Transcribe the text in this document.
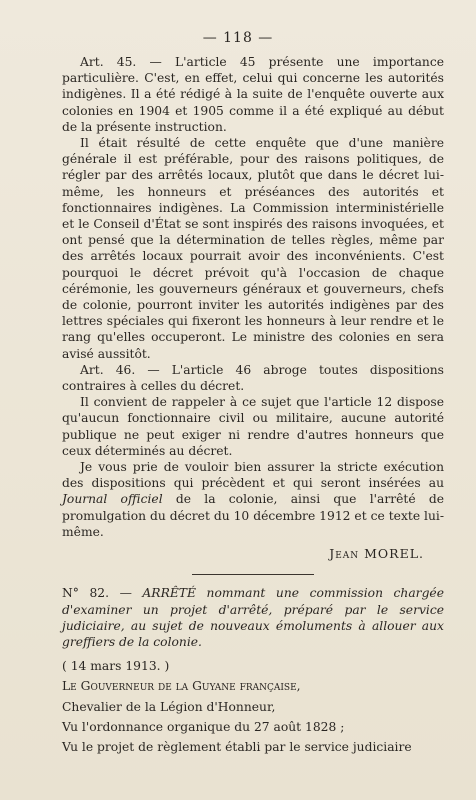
— 118 —

Art. 45. — L'article 45 présente une importance particulière. C'est, en effet, celui qui concerne les autorités indigènes. Il a été rédigé à la suite de l'enquête ouverte aux colonies en 1904 et 1905 comme il a été expliqué au début de la présente instruction.

Il était résulté de cette enquête que d'une manière générale il est préférable, pour des raisons politiques, de régler par des arrêtés locaux, plutôt que dans le décret lui-même, les honneurs et préséances des autorités et fonctionnaires indigènes. La Commission interministérielle et le Conseil d'État se sont inspirés des raisons invoquées, et ont pensé que la détermination de telles règles, même par des arrêtés locaux pourrait avoir des inconvénients. C'est pourquoi le décret prévoit qu'à l'occasion de chaque cérémonie, les gouverneurs généraux et gouverneurs, chefs de colonie, pourront inviter les autorités indigènes par des lettres spéciales qui fixeront les honneurs à leur rendre et le rang qu'elles occuperont. Le ministre des colonies en sera avisé aussitôt.

Art. 46. — L'article 46 abroge toutes dispositions contraires à celles du décret.

Il convient de rappeler à ce sujet que l'article 12 dispose qu'aucun fonctionnaire civil ou militaire, aucune autorité publique ne peut exiger ni rendre d'autres honneurs que ceux déterminés au décret.

Je vous prie de vouloir bien assurer la stricte exécution des dispositions qui précèdent et qui seront insérées au Journal officiel de la colonie, ainsi que l'arrêté de promulgation du décret du 10 décembre 1912 et ce texte lui-même.

Jean MOREL.

N° 82. — ARRÊTÉ nommant une commission chargée d'examiner un projet d'arrêté, préparé par le service judiciaire, au sujet de nouveaux émoluments à allouer aux greffiers de la colonie.

( 14 mars 1913. )

Le Gouverneur de la Guyane française,

Chevalier de la Légion d'Honneur,

Vu l'ordonnance organique du 27 août 1828 ;

Vu le projet de règlement établi par le service judiciaire
